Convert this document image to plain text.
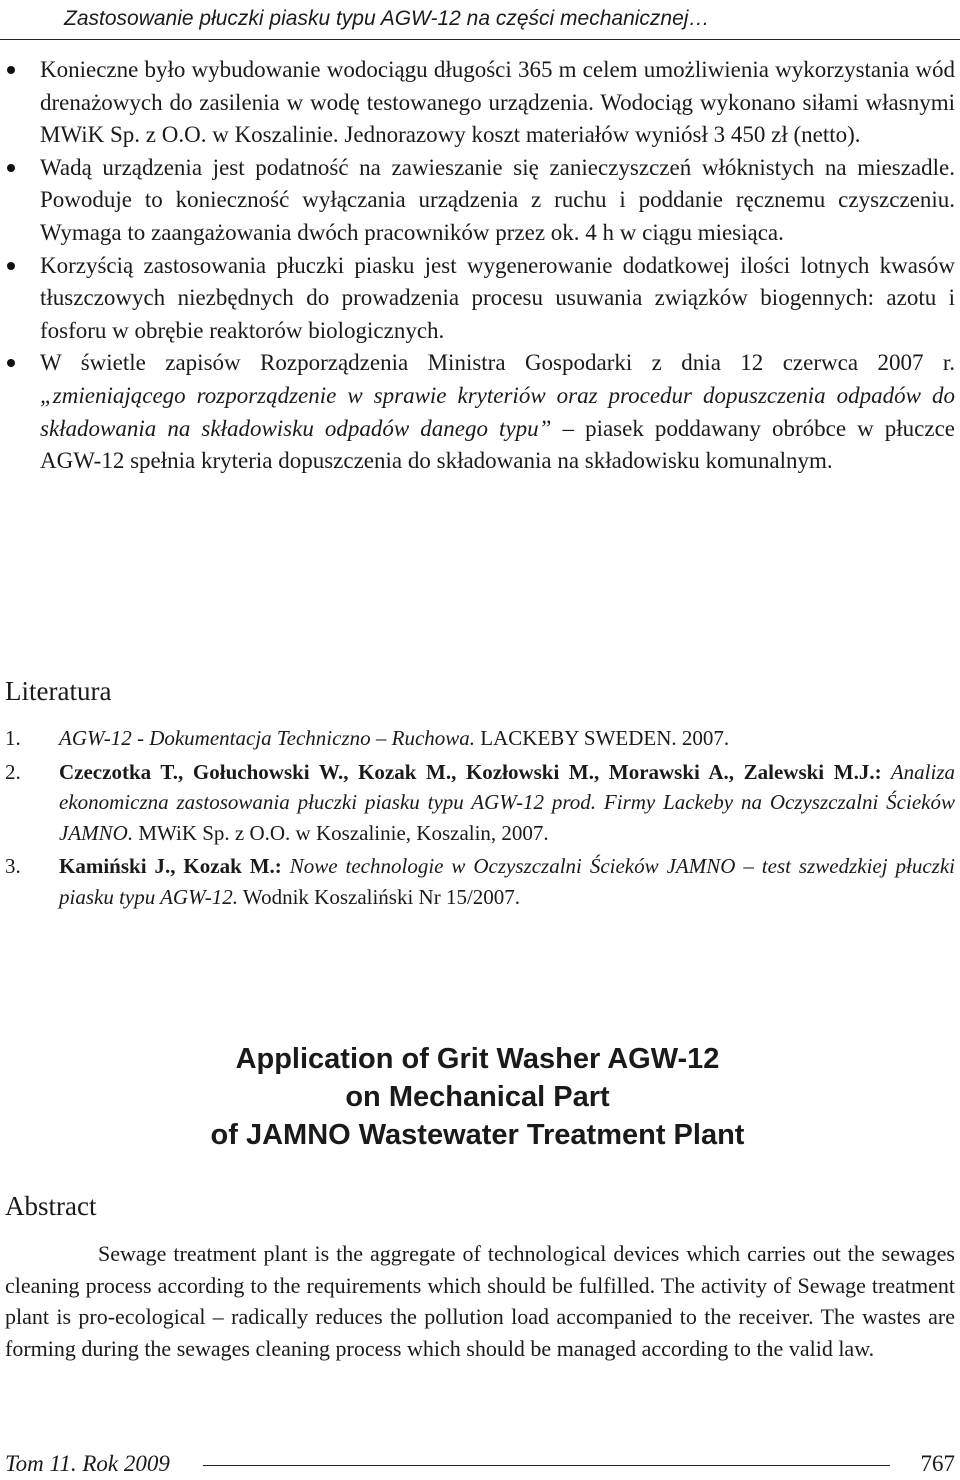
Zastosowanie płuczki piasku typu AGW-12 na części mechanicznej…
Konieczne było wybudowanie wodociągu długości 365 m celem umożliwienia wykorzystania wód drenażowych do zasilenia w wodę testowanego urządzenia. Wodociąg wykonano siłami własnymi MWiK Sp. z O.O. w Koszalinie. Jednorazowy koszt materiałów wyniósł 3 450 zł (netto).
Wadą urządzenia jest podatność na zawieszanie się zanieczyszczeń włóknistych na mieszadle. Powoduje to konieczność wyłączania urządzenia z ruchu i poddanie ręcznemu czyszczeniu. Wymaga to zaangażowania dwóch pracowników przez ok. 4 h w ciągu miesiąca.
Korzyścią zastosowania płuczki piasku jest wygenerowanie dodatkowej ilości lotnych kwasów tłuszczowych niezbędnych do prowadzenia procesu usuwania związków biogennych: azotu i fosforu w obrębie reaktorów biologicznych.
W świetle zapisów Rozporządzenia Ministra Gospodarki z dnia 12 czerwca 2007 r. „zmieniającego rozporządzenie w sprawie kryteriów oraz procedur dopuszczenia odpadów do składowania na składowisku odpadów danego typu” – piasek poddawany obróbce w płuczce AGW-12 spełnia kryteria dopuszczenia do składowania na składowisku komunalnym.
Literatura
1. AGW-12 - Dokumentacja Techniczno – Ruchowa. LACKEBY SWEDEN. 2007.
2. Czeczotka T., Gołuchowski W., Kozak M., Kozłowski M., Morawski A., Zalewski M.J.: Analiza ekonomiczna zastosowania płuczki piasku typu AGW-12 prod. Firmy Lackeby na Oczyszczalni Ścieków JAMNO. MWiK Sp. z O.O. w Koszalinie, Koszalin, 2007.
3. Kamiński J., Kozak M.: Nowe technologie w Oczyszczalni Ścieków JAMNO – test szwedzkiej płuczki piasku typu AGW-12. Wodnik Koszaliński Nr 15/2007.
Application of Grit Washer AGW-12
on Mechanical Part
of JAMNO Wastewater Treatment Plant
Abstract

Sewage treatment plant is the aggregate of technological devices which carries out the sewages cleaning process according to the requirements which should be fulfilled. The activity of Sewage treatment plant is pro-ecological – radically reduces the pollution load accompanied to the receiver. The wastes are forming during the sewages cleaning process which should be managed according to the valid law.

Tom 11. Rok 2009	767
